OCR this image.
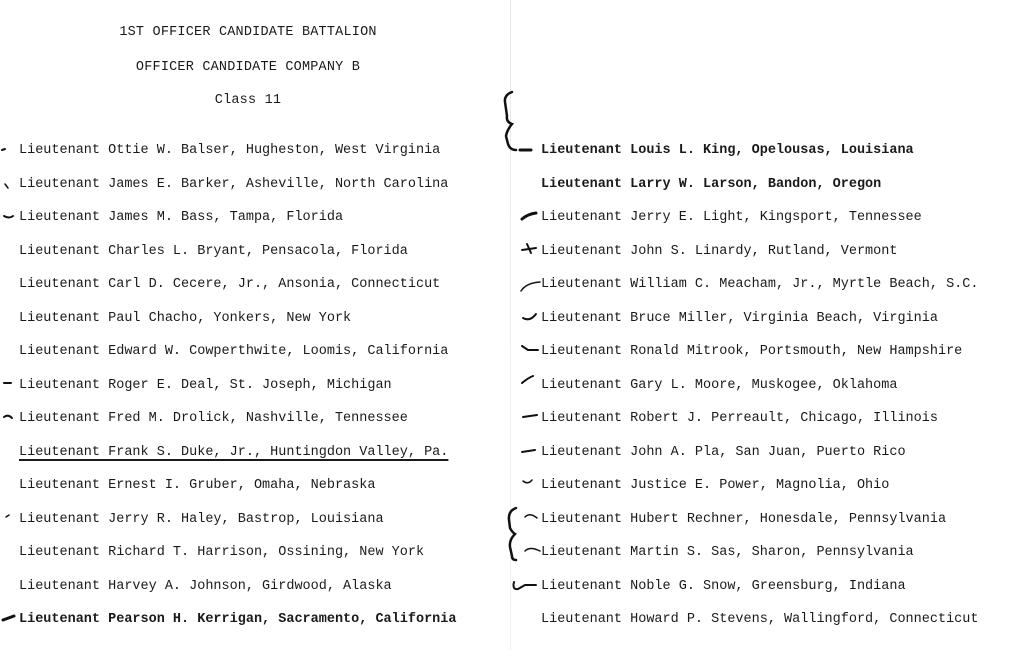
1ST OFFICER CANDIDATE BATTALION
OFFICER CANDIDATE COMPANY B
Class 11
Lieutenant Ottie W. Balser, Hugheston, West Virginia
Lieutenant James E. Barker, Asheville, North Carolina
Lieutenant James M. Bass, Tampa, Florida
Lieutenant Charles L. Bryant, Pensacola, Florida
Lieutenant Carl D. Cecere, Jr., Ansonia, Connecticut
Lieutenant Paul Chacho, Yonkers, New York
Lieutenant Edward W. Cowperthwite, Loomis, California
Lieutenant Roger E. Deal, St. Joseph, Michigan
Lieutenant Fred M. Drolick, Nashville, Tennessee
Lieutenant Frank S. Duke, Jr., Huntingdon Valley, Pa.
Lieutenant Ernest I. Gruber, Omaha, Nebraska
Lieutenant Jerry R. Haley, Bastrop, Louisiana
Lieutenant Richard T. Harrison, Ossining, New York
Lieutenant Harvey A. Johnson, Girdwood, Alaska
Lieutenant Pearson H. Kerrigan, Sacramento, California
Lieutenant Louis L. King, Opelousas, Louisiana
Lieutenant Larry W. Larson, Bandon, Oregon
Lieutenant Jerry E. Light, Kingsport, Tennessee
Lieutenant John S. Linardy, Rutland, Vermont
Lieutenant William C. Meacham, Jr., Myrtle Beach, S.C.
Lieutenant Bruce Miller, Virginia Beach, Virginia
Lieutenant Ronald Mitrook, Portsmouth, New Hampshire
Lieutenant Gary L. Moore, Muskogee, Oklahoma
Lieutenant Robert J. Perreault, Chicago, Illinois
Lieutenant John A. Pla, San Juan, Puerto Rico
Lieutenant Justice E. Power, Magnolia, Ohio
Lieutenant Hubert Rechner, Honesdale, Pennsylvania
Lieutenant Martin S. Sas, Sharon, Pennsylvania
Lieutenant Noble G. Snow, Greensburg, Indiana
Lieutenant Howard P. Stevens, Wallingford, Connecticut
